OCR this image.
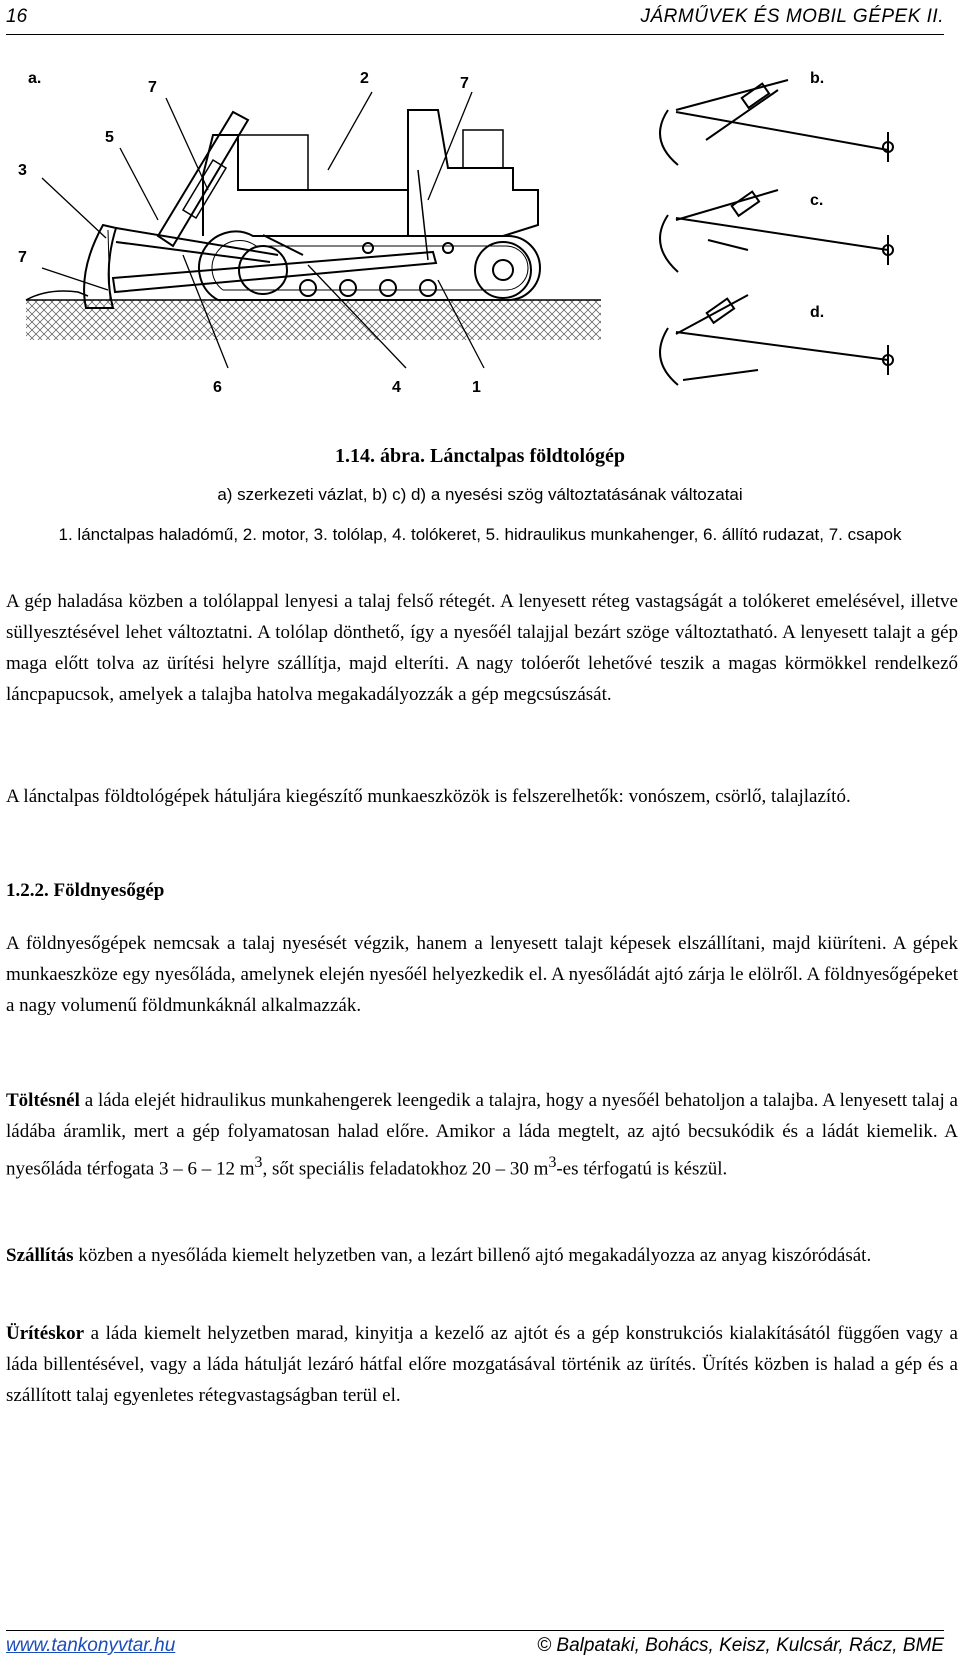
16	JÁRMŰVEK ÉS MOBIL GÉPEK II.
a.
7
2	7
5
3
7
6	4	1
b.
c.
d.
1.14. ábra. Lánctalpas földtológép
a) szerkezeti vázlat, b) c) d) a nyesési szög változtatásának változatai
1. lánctalpas haladómű, 2. motor, 3. tolólap, 4. tolókeret, 5. hidraulikus munkahenger, 6. állító rudazat, 7. csapok
A gép haladása közben a tolólappal lenyesi a talaj felső rétegét. A lenyesett réteg vastagságát a tolókeret emelésével, illetve süllyesztésével lehet változtatni. A tolólap dönthető, így a nyesőél talajjal bezárt szöge változtatható. A lenyesett talajt a gép maga előtt tolva az ürítési helyre szállítja, majd elteríti. A nagy tolóerőt lehetővé teszik a magas körmökkel rendelkező láncpapucsok, amelyek a talajba hatolva megakadályozzák a gép megcsúszását.
A lánctalpas földtológépek hátuljára kiegészítő munkaeszközök is felszerelhetők: vonószem, csörlő, talajlazító.
1.2.2. Földnyesőgép
A földnyesőgépek nemcsak a talaj nyesését végzik, hanem a lenyesett talajt képesek elszállítani, majd kiüríteni. A gépek munkaeszköze egy nyesőláda, amelynek elején nyesőél helyezkedik el. A nyesőládát ajtó zárja le elölről. A földnyesőgépeket a nagy volumenű földmunkáknál alkalmazzák.
Töltésnél a láda elejét hidraulikus munkahengerek leengedik a talajra, hogy a nyesőél behatoljon a talajba. A lenyesett talaj a ládába áramlik, mert a gép folyamatosan halad előre. Amikor a láda megtelt, az ajtó becsukódik és a ládát kiemelik. A nyesőláda térfogata 3 – 6 – 12 $m^3$, sőt speciális feladatokhoz 20 – 30 $m^3-es$ térfogatú is készül.
Szállítás közben a nyesőláda kiemelt helyzetben van, a lezárt billenő ajtó megakadályozza az anyag kiszóródását.
Ürítéskor a láda kiemelt helyzetben marad, kinyitja a kezelő az ajtót és a gép konstrukciós kialakításától függően vagy a láda billentésével, vagy a láda hátulját lezáró hátfal előre mozgatásával történik az ürítés. Ürítés közben is halad a gép és a szállított talaj egyenletes rétegvastagságban terül el.
www.tankonyvtar.hu	© Balpataki, Bohács, Keisz, Kulcsár, Rácz, BME
